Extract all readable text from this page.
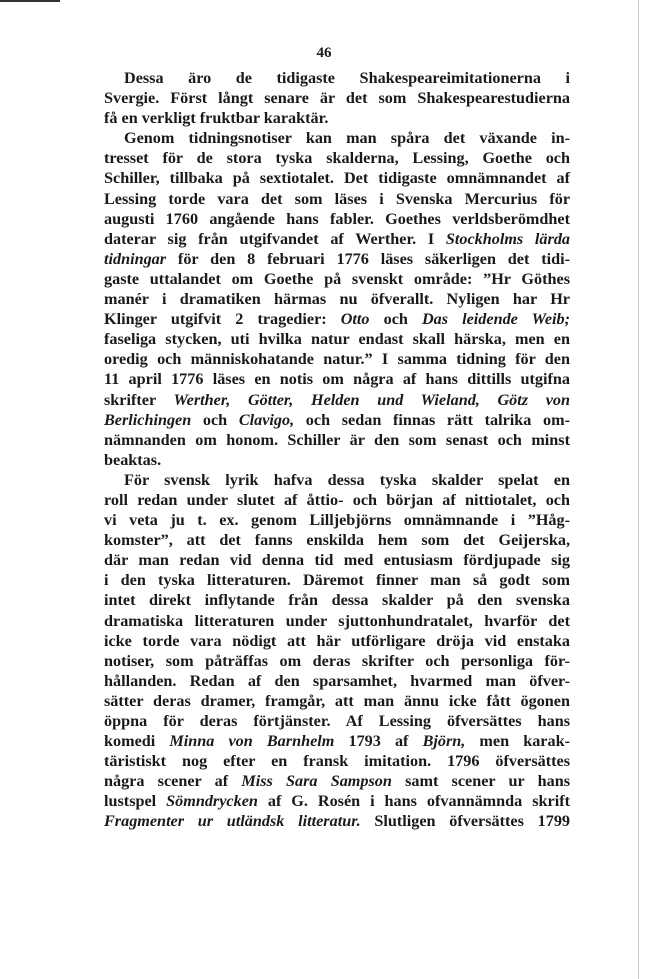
46
Dessa äro de tidigaste Shakespeareimitationerna i
Svergie. Först långt senare är det som Shakespearestudierna
få en verkligt fruktbar karaktär.
Genom tidningsnotiser kan man spåra det växande in-
tresset för de stora tyska skalderna, Lessing, Goethe och
Schiller, tillbaka på sextiotalet. Det tidigaste omnämnandet af
Lessing torde vara det som läses i Svenska Mercurius för
augusti 1760 angående hans fabler. Goethes verldsberömdhet
daterar sig från utgifvandet af Werther. I Stockholms lärda
tidningar för den 8 februari 1776 läses säkerligen det tidi-
gaste uttalandet om Goethe på svenskt område: ”Hr Göthes
manér i dramatiken härmas nu öfverallt. Nyligen har Hr
Klinger utgifvit 2 tragedier: Otto och Das leidende Weib;
faseliga stycken, uti hvilka natur endast skall härska, men en
oredig och människohatande natur.” I samma tidning för den
11 april 1776 läses en notis om några af hans dittills utgifna
skrifter Werther, Götter, Helden und Wieland, Götz von
Berlichingen och Clavigo, och sedan finnas rätt talrika om-
nämnanden om honom. Schiller är den som senast och minst
beaktas.
För svensk lyrik hafva dessa tyska skalder spelat en
roll redan under slutet af åttio- och början af nittiotalet, och
vi veta ju t. ex. genom Lilljebjörns omnämnande i ”Håg-
komster”, att det fanns enskilda hem som det Geijerska,
där man redan vid denna tid med entusiasm fördjupade sig
i den tyska litteraturen. Däremot finner man så godt som
intet direkt inflytande från dessa skalder på den svenska
dramatiska litteraturen under sjuttonhundratalet, hvarför det
icke torde vara nödigt att här utförligare dröja vid enstaka
notiser, som påträffas om deras skrifter och personliga för-
hållanden. Redan af den sparsamhet, hvarmed man öfver-
sätter deras dramer, framgår, att man ännu icke fått ögonen
öppna för deras förtjänster. Af Lessing öfversättes hans
komedi Minna von Barnhelm 1793 af Björn, men karak-
täristiskt nog efter en fransk imitation. 1796 öfversättes
några scener af Miss Sara Sampson samt scener ur hans
lustspel Sömndrycken af G. Rosén i hans ofvannämnda skrift
Fragmenter ur utländsk litteratur. Slutligen öfversättes 1799
